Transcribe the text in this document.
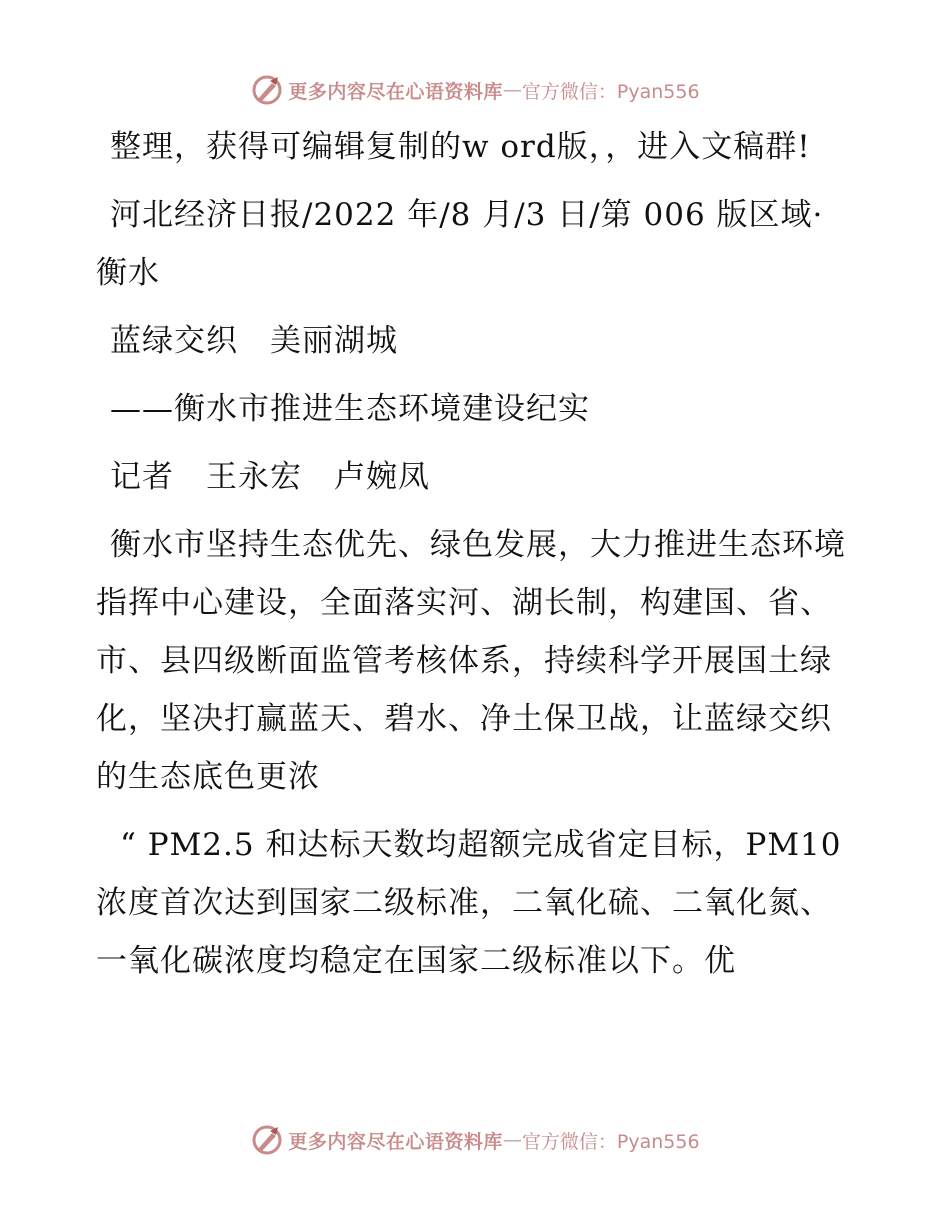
更多内容尽在心语资料库 — 官方微信：Pyan556

整理，获得可编辑复制的w ord版，，进入文稿群!

河北经济日报/2022 年/8 月/3 日/第 006 版区域· 衡水

蓝绿交织　美丽湖城

——衡水市推进生态环境建设纪实

记者　王永宏　卢婉凤

衡水市坚持生态优先、绿色发展，大力推进生态环境指挥中心建设，全面落实河、湖长制，构建国、省、市、县四级断面监管考核体系，持续科学开展国土绿化，坚决打赢蓝天、碧水、净土保卫战，让蓝绿交织的生态底色更浓

“ PM2.5 和达标天数均超额完成省定目标，PM10浓度首次达到国家二级标准，二氧化硫、二氧化氮、一氧化碳浓度均稳定在国家二级标准以下。优

更多内容尽在心语资料库 — 官方微信：Pyan556
